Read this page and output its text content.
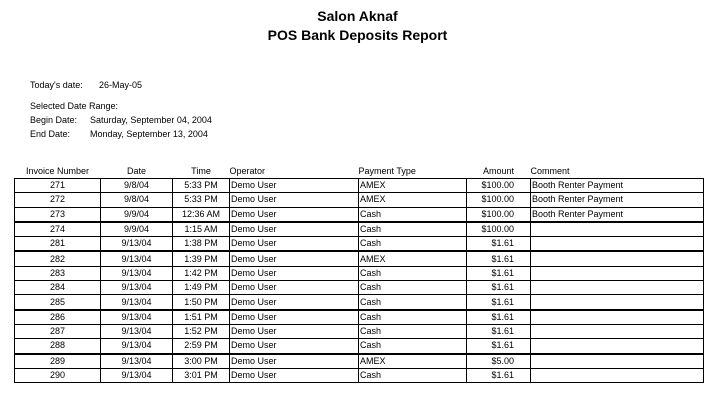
Salon Aknaf
POS Bank Deposits Report
Today's date: 26-May-05
Selected Date Range:
Begin Date: Saturday, September 04, 2004
End Date: Monday, September 13, 2004
Invoice Number	Date	Time	Operator	Payment Type	Amount	Comment
271	9/8/04	5:33 PM	Demo User	AMEX	$100.00	Booth Renter Payment
272	9/8/04	5:33 PM	Demo User	AMEX	$100.00	Booth Renter Payment
273	9/9/04	12:36 AM	Demo User	Cash	$100.00	Booth Renter Payment
274	9/9/04	1:15 AM	Demo User	Cash	$100.00	
281	9/13/04	1:38 PM	Demo User	Cash	$1.61	
282	9/13/04	1:39 PM	Demo User	AMEX	$1.61	
283	9/13/04	1:42 PM	Demo User	Cash	$1.61	
284	9/13/04	1:49 PM	Demo User	Cash	$1.61	
285	9/13/04	1:50 PM	Demo User	Cash	$1.61	
286	9/13/04	1:51 PM	Demo User	Cash	$1.61	
287	9/13/04	1:52 PM	Demo User	Cash	$1.61	
288	9/13/04	2:59 PM	Demo User	Cash	$1.61	
289	9/13/04	3:00 PM	Demo User	AMEX	$5.00	
290	9/13/04	3:01 PM	Demo User	Cash	$1.61	
